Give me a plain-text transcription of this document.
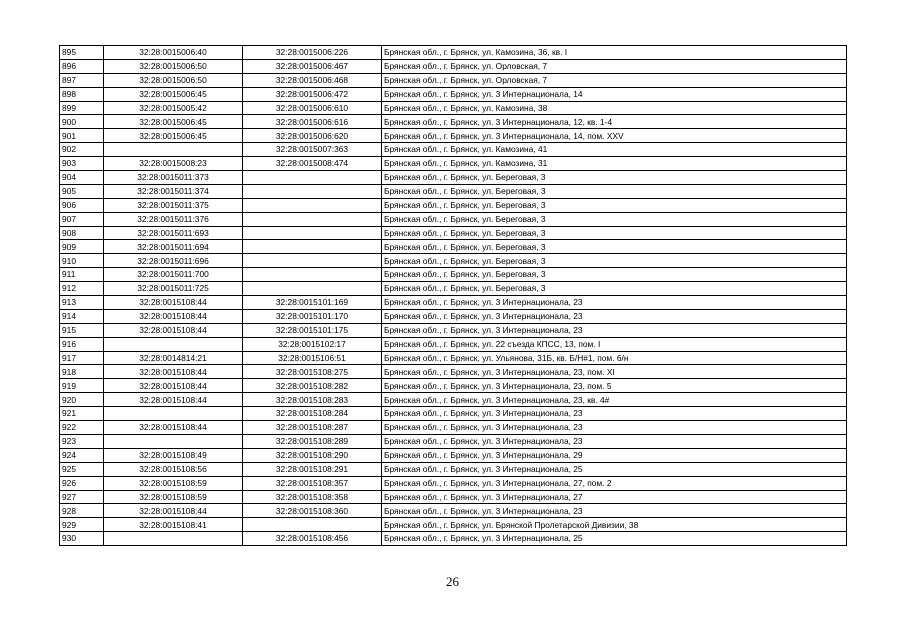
895	32:28:0015006:40	32:28:0015006:226	Брянская обл., г. Брянск, ул. Камозина, 36, кв. I
896	32:28:0015006:50	32:28:0015006:467	Брянская обл., г. Брянск, ул. Орловская, 7
897	32:28:0015006:50	32:28:0015006:468	Брянская обл., г. Брянск, ул. Орловская, 7
898	32:28:0015006:45	32:28:0015006:472	Брянская обл., г. Брянск, ул. 3 Интернационала, 14
899	32:28:0015005:42	32:28:0015006:610	Брянская обл., г. Брянск, ул. Камозина, 38
900	32:28:0015006:45	32:28:0015006:616	Брянская обл., г. Брянск, ул. 3 Интернационала, 12, кв. 1-4
901	32:28:0015006:45	32:28:0015006:620	Брянская обл., г. Брянск, ул. 3 Интернационала, 14, пом. XXV
902		32:28:0015007:363	Брянская обл., г. Брянск, ул. Камозина, 41
903	32:28:0015008:23	32:28:0015008:474	Брянская обл., г. Брянск, ул. Камозина, 31
904	32:28:0015011:373		Брянская обл., г. Брянск, ул. Береговая, 3
905	32:28:0015011:374		Брянская обл., г. Брянск, ул. Береговая, 3
906	32:28:0015011:375		Брянская обл., г. Брянск, ул. Береговая, 3
907	32:28:0015011:376		Брянская обл., г. Брянск, ул. Береговая, 3
908	32:28:0015011:693		Брянская обл., г. Брянск, ул. Береговая, 3
909	32:28:0015011:694		Брянская обл., г. Брянск, ул. Береговая, 3
910	32:28:0015011:696		Брянская обл., г. Брянск, ул. Береговая, 3
911	32:28:0015011:700		Брянская обл., г. Брянск, ул. Береговая, 3
912	32:28:0015011:725		Брянская обл., г. Брянск, ул. Береговая, 3
913	32:28:0015108:44	32:28:0015101:169	Брянская обл., г. Брянск, ул. 3 Интернационала, 23
914	32:28:0015108:44	32:28:0015101:170	Брянская обл., г. Брянск, ул. 3 Интернационала, 23
915	32:28:0015108:44	32:28:0015101:175	Брянская обл., г. Брянск, ул. 3 Интернационала, 23
916		32:28:0015102:17	Брянская обл., г. Брянск, ул. 22 съезда КПСС, 13, пом. I
917	32:28:0014814:21	32:28:0015106:51	Брянская обл., г. Брянск, ул. Ульянова, 31Б, кв. Б/Н#1, пом. 6/н
918	32:28:0015108:44	32:28:0015108:275	Брянская обл., г. Брянск, ул. 3 Интернационала, 23, пом. XI
919	32:28:0015108:44	32:28:0015108:282	Брянская обл., г. Брянск, ул. 3 Интернационала, 23, пом. 5
920	32:28:0015108:44	32:28:0015108:283	Брянская обл., г. Брянск, ул. 3 Интернационала, 23, кв. 4#
921		32:28:0015108:284	Брянская обл., г. Брянск, ул. 3 Интернационала, 23
922	32:28:0015108:44	32:28:0015108:287	Брянская обл., г. Брянск, ул. 3 Интернационала, 23
923		32:28:0015108:289	Брянская обл., г. Брянск, ул. 3 Интернационала, 23
924	32:28:0015108:49	32:28:0015108:290	Брянская обл., г. Брянск, ул. 3 Интернационала, 29
925	32:28:0015108:56	32:28:0015108:291	Брянская обл., г. Брянск, ул. 3 Интернационала, 25
926	32:28:0015108:59	32:28:0015108:357	Брянская обл., г. Брянск, ул. 3 Интернационала, 27, пом. 2
927	32:28:0015108:59	32:28:0015108:358	Брянская обл., г. Брянск, ул. 3 Интернационала, 27
928	32:28:0015108:44	32:28:0015108:360	Брянская обл., г. Брянск, ул. 3 Интернационала, 23
929	32:28:0015108:41		Брянская обл., г. Брянск, ул. Брянской Пролетарской Дивизии, 38
930		32:28:0015108:456	Брянская обл., г. Брянск, ул. 3 Интернационала, 25
26
